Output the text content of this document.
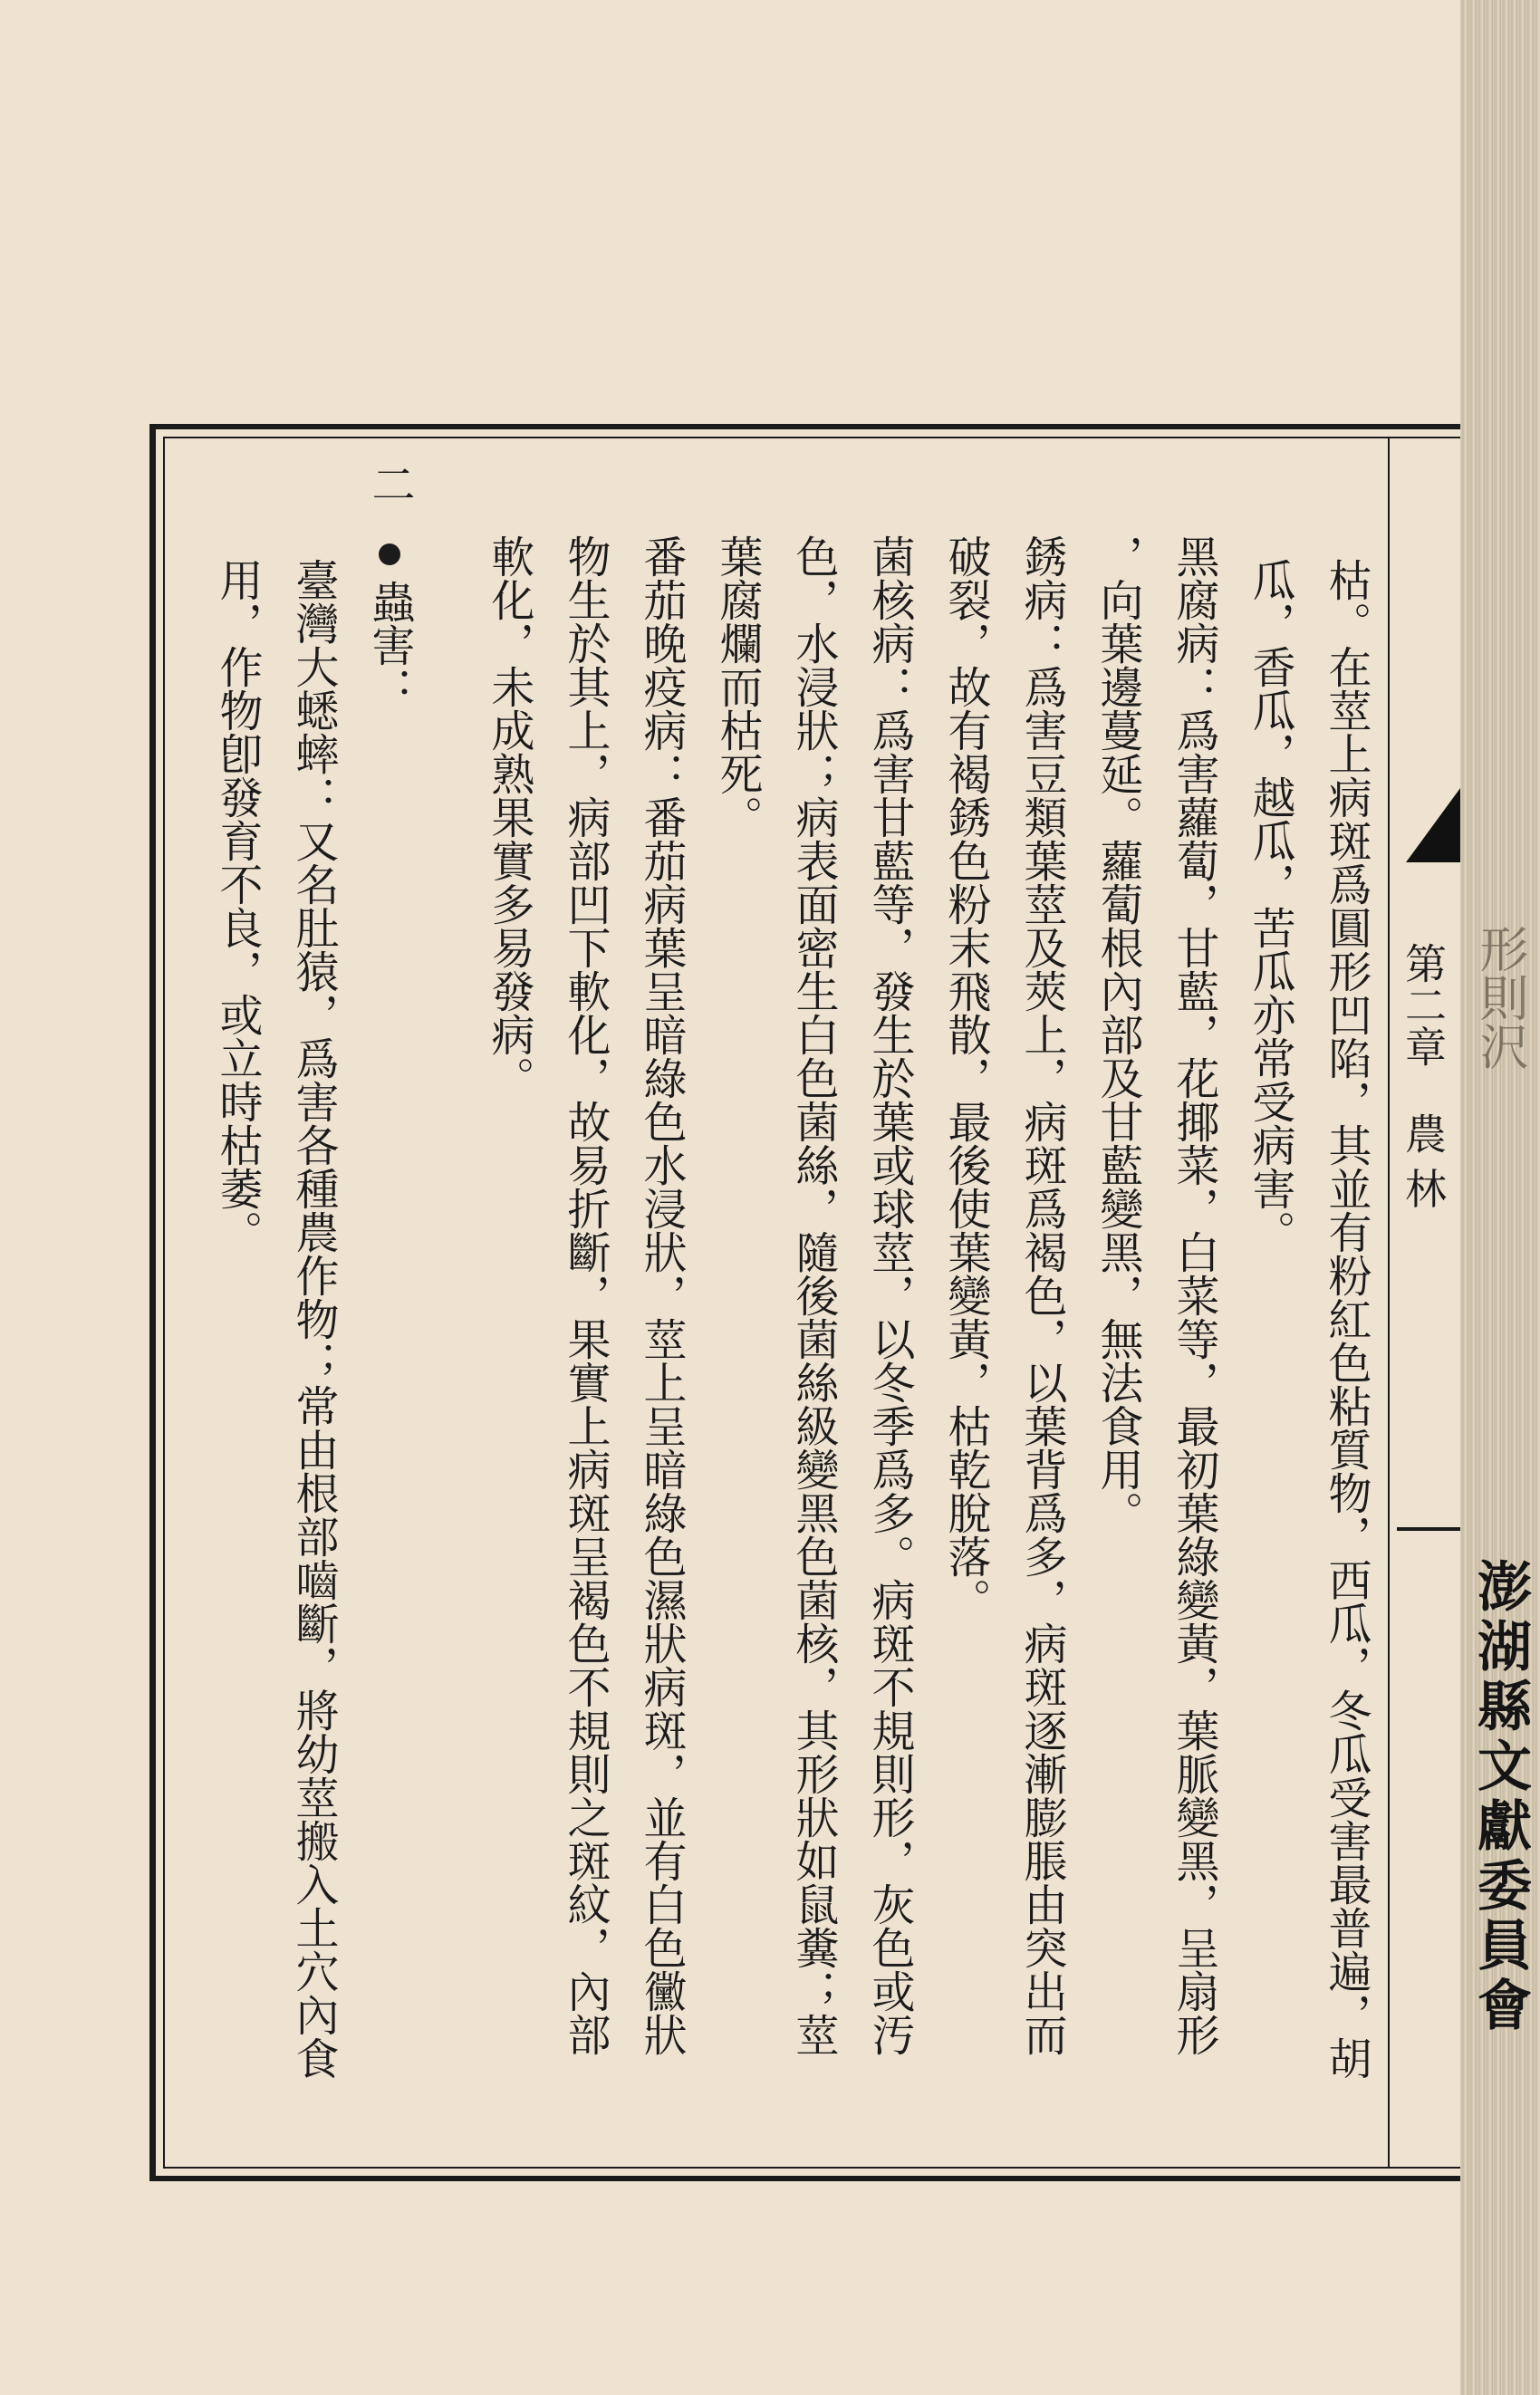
形則沢
澎湖縣文獻委員會
第二章農 林
枯。在莖上病斑爲圓形凹陷，其並有粉紅色粘質物，西瓜，冬瓜受害最普遍，胡
瓜，香瓜，越瓜，苦瓜亦常受病害。
黑腐病：爲害蘿蔔，甘藍，花揶菜，白菜等，最初葉綠變黃，葉脈變黑，呈扇形
，向葉邊蔓延。蘿蔔根內部及甘藍變黑，無法食用。
銹病：爲害豆類葉莖及莢上，病斑爲褐色，以葉背爲多，病斑逐漸膨脹由突出而
破裂，故有褐銹色粉末飛散，最後使葉變黃，枯乾脫落。
菌核病：爲害甘藍等，發生於葉或球莖，以冬季爲多。病斑不規則形，灰色或汚
色，水浸狀；病表面密生白色菌絲，隨後菌絲級變黑色菌核，其形狀如鼠糞；莖
葉腐爛而枯死。
番茄晚疫病：番茄病葉呈暗綠色水浸狀，莖上呈暗綠色濕狀病斑，並有白色黴狀
物生於其上，病部凹下軟化，故易折斷，果實上病斑呈褐色不規則之斑紋，內部
軟化，未成熟果實多易發病。
二
蟲害：
臺灣大蟋蟀：又名肚猿，爲害各種農作物；常由根部嚙斷，將幼莖搬入土穴內食
用，作物卽發育不良，或立時枯萎。
